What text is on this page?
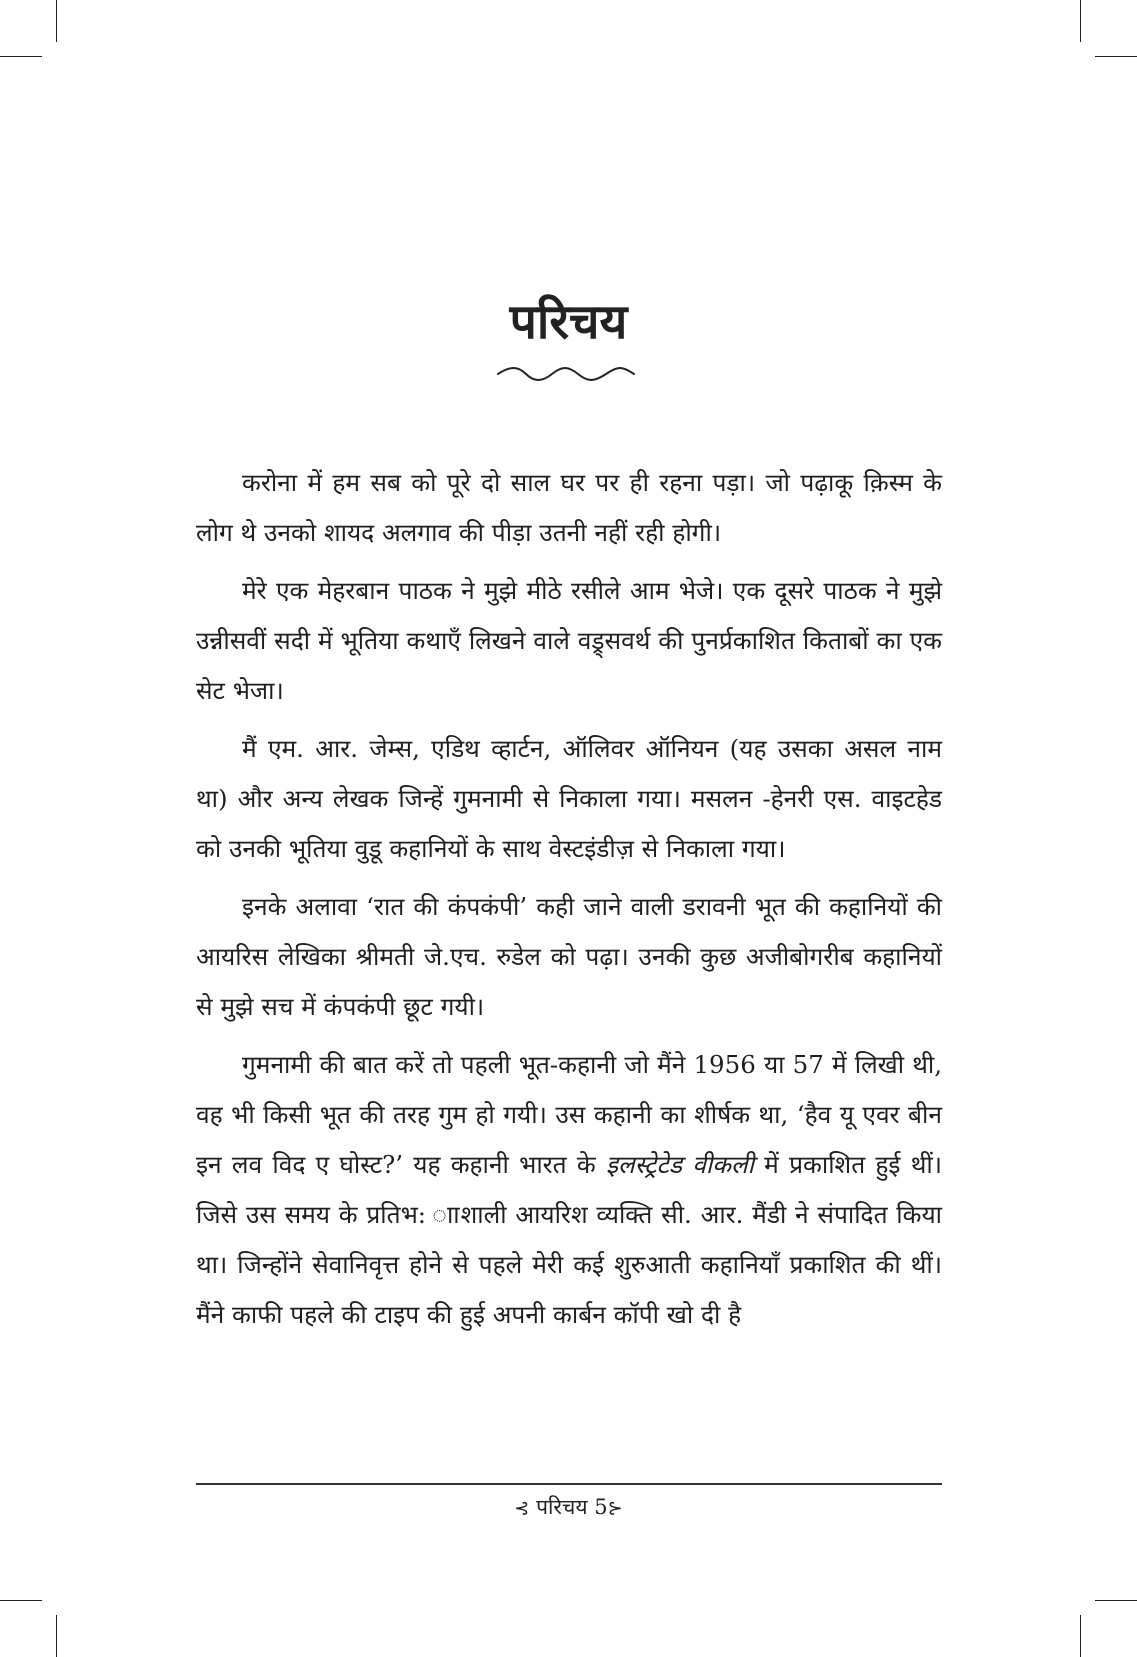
परिचय

करोना में हम सब को पूरे दो साल घर पर ही रहना पड़ा। जो पढ़ाकू क़िस्म के लोग थे उनको शायद अलगाव की पीड़ा उतनी नहीं रही होगी।

मेरे एक मेहरबान पाठक ने मुझे मीठे रसीले आम भेजे। एक दूसरे पाठक ने मुझे उन्नीसवीं सदी में भूतिया कथाएँ लिखने वाले वड्र्सवर्थ की पुनर्प्रकाशित किताबों का एक सेट भेजा।

मैं एम. आर. जेम्स, एडिथ व्हार्टन, ऑलिवर ऑनियन (यह उसका असल नाम था) और अन्य लेखक जिन्हें गुमनामी से निकाला गया। मसलन -हेनरी एस. वाइटहेड को उनकी भूतिया वुडू कहानियों के साथ वेस्टइंडीज़ से निकाला गया।

इनके अलावा ‘रात की कंपकंपी’ कही जाने वाली डरावनी भूत की कहानियों की आयरिस लेखिका श्रीमती जे.एच. रुडेल को पढ़ा। उनकी कुछ अजीबोगरीब कहानियों से मुझे सच में कंपकंपी छूट गयी।

गुमनामी की बात करें तो पहली भूत-कहानी जो मैंने 1956 या 57 में लिखी थी, वह भी किसी भूत की तरह गुम हो गयी। उस कहानी का शीर्षक था, ‘हैव यू एवर बीन इन लव विद ए घोस्ट?’ यह कहानी भारत के इलस्ट्रेटेड वीकली में प्रकाशित हुई थीं। जिसे उस समय के प्रतिभ: ााशाली आयरिश व्यक्ति सी. आर. मैंडी ने संपादित किया था। जिन्होंने सेवानिवृत्त होने से पहले मेरी कई शुरुआती कहानियाँ प्रकाशित की थीं। मैंने काफी पहले की टाइप की हुई अपनी कार्बन कॉपी खो दी है

⊰ परिचय 5⊱
